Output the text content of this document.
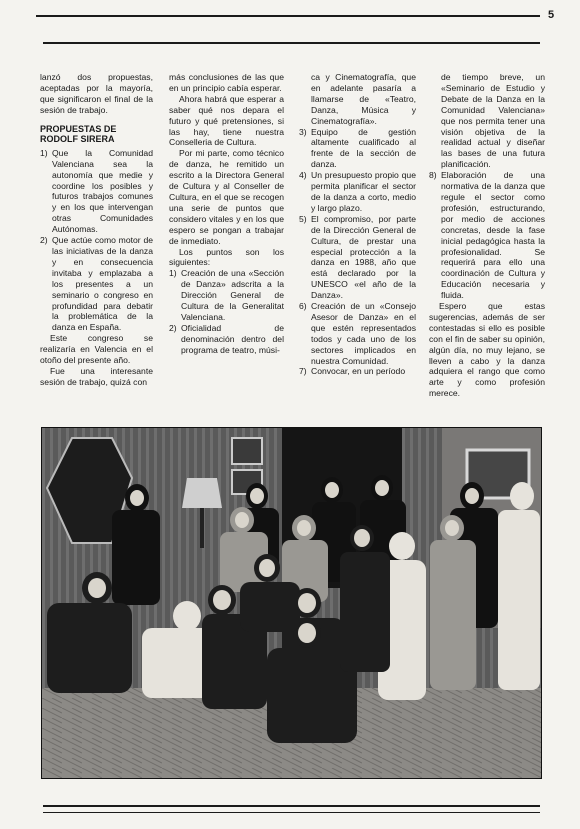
5

lanzó dos propuestas, aceptadas por la mayoría, que significaron el final de la sesión de trabajo.

PROPUESTAS DE RODOLF SIRERA
1) Que la Comunidad Valenciana sea la autonomía que medie y coordine los posibles y futuros trabajos comunes y en los que intervengan otras Comunidades Autónomas.
2) Que actúe como motor de las iniciativas de la danza y en consecuencia invitaba y emplazaba a los presentes a un seminario o congreso en profundidad para debatir la problemática de la danza en España.

Este congreso se realizaría en Valencia en el otoño del presente año.

Fue una interesante sesión de trabajo, quizá con

más conclusiones de las que en un principio cabía esperar.

Ahora habrá que esperar a saber qué nos depara el futuro y qué pretensiones, si las hay, tiene nuestra Conselleria de Cultura.

Por mi parte, como técnico de danza, he remitido un escrito a la Directora General de Cultura y al Conseller de Cultura, en el que se recogen una serie de puntos que considero vitales y en los que espero se pongan a trabajar de inmediato.

Los puntos son los siguientes:

1) Creación de una «Sección de Danza» adscrita a la Dirección General de Cultura de la Generalitat Valenciana.
2) Oficialidad de denominación dentro del programa de teatro, músi-

ca y Cinematografía, que en adelante pasaría a llamarse de «Teatro, Danza, Música y Cinematografía».

3) Equipo de gestión altamente cualificado al frente de la sección de danza.
4) Un presupuesto propio que permita planificar el sector de la danza a corto, medio y largo plazo.
5) El compromiso, por parte de la Dirección General de Cultura, de prestar una especial protección a la danza en 1988, año que está declarado por la UNESCO «el año de la Danza».
6) Creación de un «Consejo Asesor de Danza» en el que estén representados todos y cada uno de los sectores implicados en nuestra Comunidad.
7) Convocar, en un período

de tiempo breve, un «Seminario de Estudio y Debate de la Danza en la Comunidad Valenciana» que nos permita tener una visión objetiva de la realidad actual y diseñar las bases de una futura planificación.

8) Elaboración de una normativa de la danza que regule el sector como profesión, estructurando, por medio de acciones concretas, desde la fase inicial pedagógica hasta la profesionalidad. Se requerirá para ello una coordinación de Cultura y Educación necesaria y fluida.

Espero que estas sugerencias, además de ser contestadas si ello es posible con el fin de saber su opinión, algún día, no muy lejano, se lleven a cabo y la danza adquiera el rango que como arte y como profesión merece.
